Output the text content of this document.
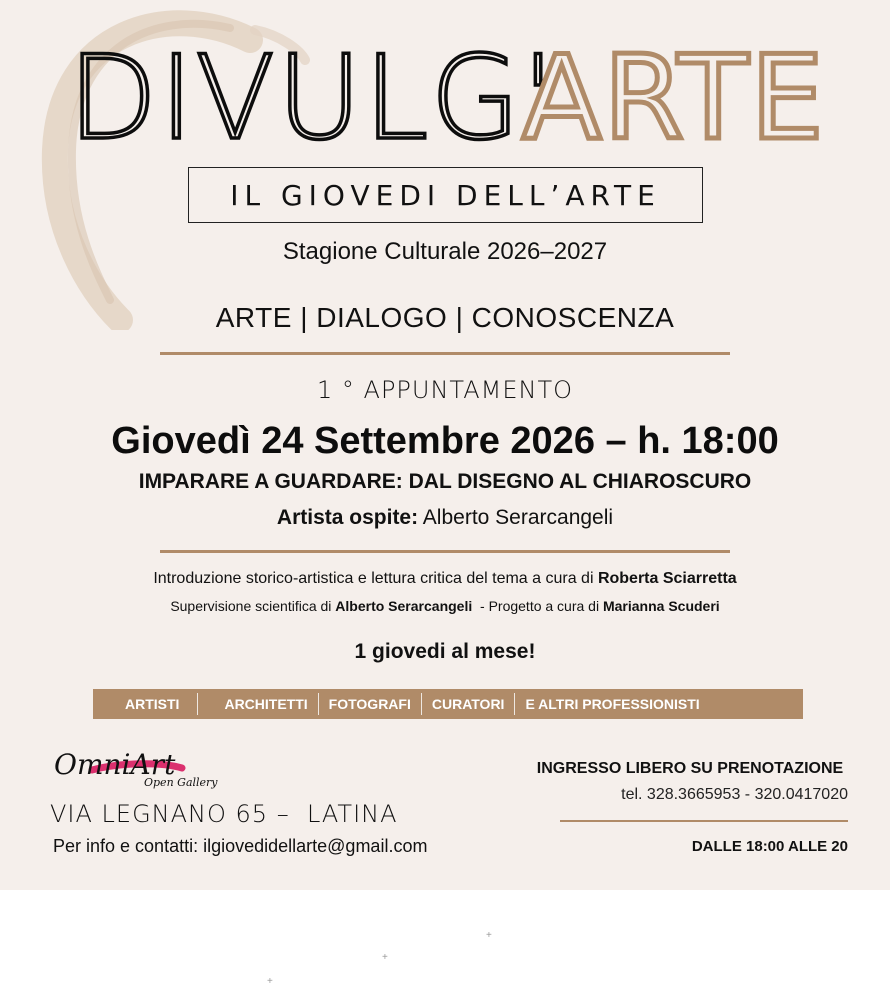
DIVULG'
ARTE
IL GIOVEDI DELL’ARTE
Stagione Culturale 2026–2027
ARTE | DIALOGO | CONOSCENZA
1 ° APPUNTAMENTO
Giovedì 24 Settembre 2026 – h. 18:00
IMPARARE A GUARDARE: DAL DISEGNO AL CHIAROSCURO
Artista ospite: Alberto Serarcangeli
Introduzione storico-artistica e lettura critica del tema a cura di Roberta Sciarretta
Supervisione scientifica di Alberto Serarcangeli  - Progetto a cura di Marianna Scuderi
1 giovedi al mese!
ARTISTI	ARCHITETTI	FOTOGRAFI	CURATORI	E ALTRI PROFESSIONISTI
OmniArt
Open Gallery
VIA LEGNANO 65 –  LATINA
Per info e contatti: ilgiovedidellarte@gmail.com
INGRESSO LIBERO SU PRENOTAZIONE
tel. 328.3665953 - 320.0417020
DALLE 18:00 ALLE 20
+
+
+
